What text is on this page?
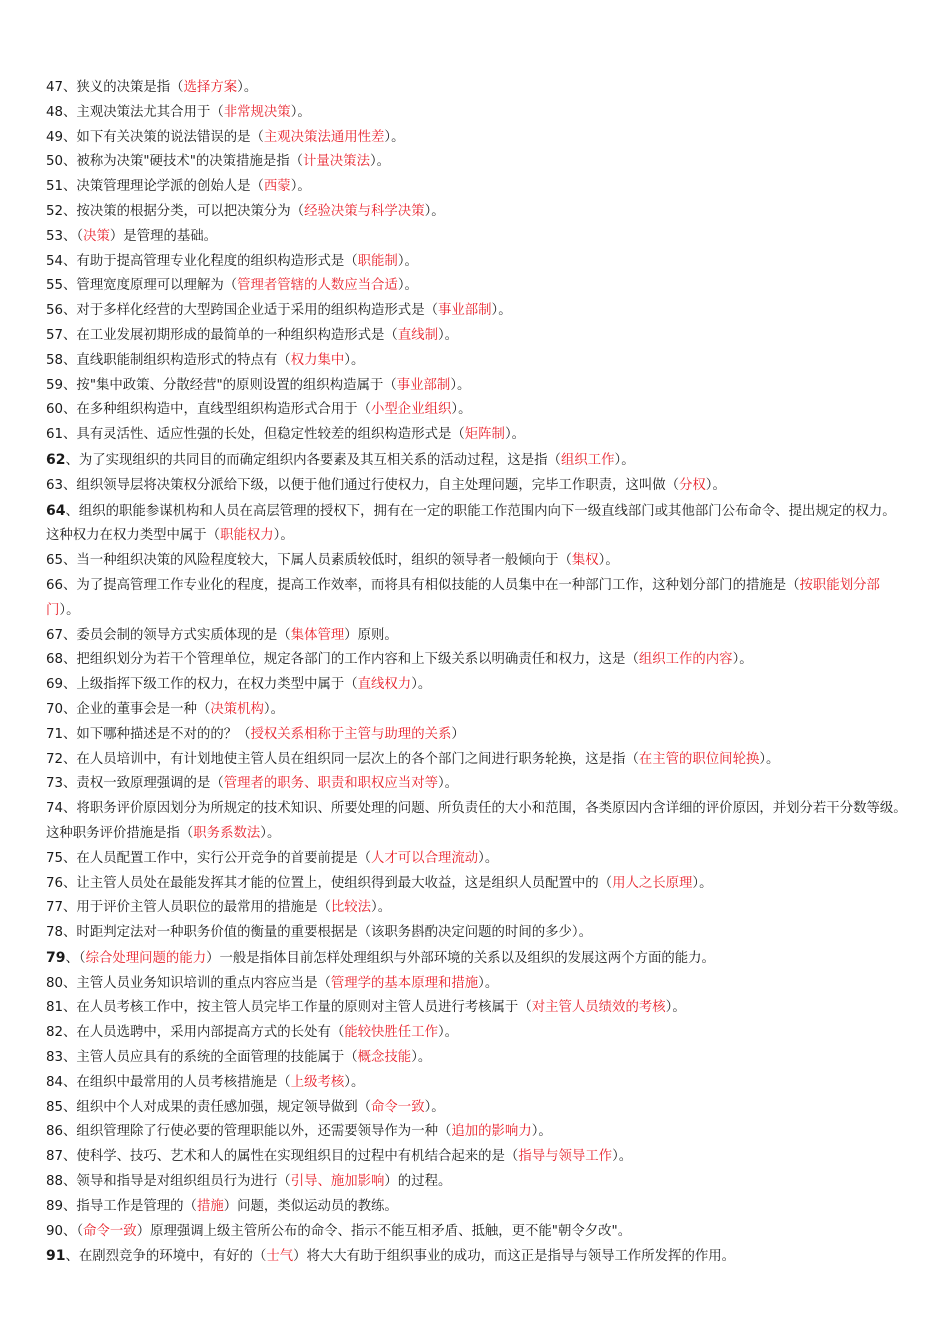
47、狭义的决策是指（选择方案）。

48、主观决策法尤其合用于（非常规决策）。

49、如下有关决策的说法错误的是（主观决策法通用性差）。

50、被称为决策"硬技术"的决策措施是指（计量决策法）。

51、决策管理理论学派的创始人是（西蒙）。

52、按决策的根据分类，可以把决策分为（经验决策与科学决策）。

53、（决策）是管理的基础。

54、有助于提高管理专业化程度的组织构造形式是（职能制）。

55、管理宽度原理可以理解为（管理者管辖的人数应当合适）。

56、对于多样化经营的大型跨国企业适于采用的组织构造形式是（事业部制）。

57、在工业发展初期形成的最简单的一种组织构造形式是（直线制）。

58、直线职能制组织构造形式的特点有（权力集中）。

59、按"集中政策、分散经营"的原则设置的组织构造属于（事业部制）。

60、在多种组织构造中，直线型组织构造形式合用于（小型企业组织）。

61、具有灵活性、适应性强的长处，但稳定性较差的组织构造形式是（矩阵制）。

62、为了实现组织的共同目的而确定组织内各要素及其互相关系的活动过程，这是指（组织工作）。

63、组织领导层将决策权分派给下级，以便于他们通过行使权力，自主处理问题，完毕工作职责，这叫做（分权）。

64、组织的职能参谋机构和人员在高层管理的授权下，拥有在一定的职能工作范围内向下一级直线部门或其他部门公布命令、提出规定的权力。这种权力在权力类型中属于（职能权力）。

65、当一种组织决策的风险程度较大，下属人员素质较低时，组织的领导者一般倾向于（集权）。

66、为了提高管理工作专业化的程度，提高工作效率，而将具有相似技能的人员集中在一种部门工作，这种划分部门的措施是（按职能划分部门）。

67、委员会制的领导方式实质体现的是（集体管理）原则。

68、把组织划分为若干个管理单位，规定各部门的工作内容和上下级关系以明确责任和权力，这是（组织工作的内容）。

69、上级指挥下级工作的权力，在权力类型中属于（直线权力）。

70、企业的董事会是一种（决策机构）。

71、如下哪种描述是不对的的？（授权关系相称于主管与助理的关系）

72、在人员培训中，有计划地使主管人员在组织同一层次上的各个部门之间进行职务轮换，这是指（在主管的职位间轮换）。

73、责权一致原理强调的是（管理者的职务、职责和职权应当对等）。

74、将职务评价原因划分为所规定的技术知识、所要处理的问题、所负责任的大小和范围，各类原因内含详细的评价原因，并划分若干分数等级。这种职务评价措施是指（职务系数法）。

75、在人员配置工作中，实行公开竞争的首要前提是（人才可以合理流动）。

76、让主管人员处在最能发挥其才能的位置上，使组织得到最大收益，这是组织人员配置中的（用人之长原理）。

77、用于评价主管人员职位的最常用的措施是（比较法）。

78、时距判定法对一种职务价值的衡量的重要根据是（该职务斟酌决定问题的时间的多少）。

79、（综合处理问题的能力）一般是指体目前怎样处理组织与外部环境的关系以及组织的发展这两个方面的能力。

80、主管人员业务知识培训的重点内容应当是（管理学的基本原理和措施）。

81、在人员考核工作中，按主管人员完毕工作量的原则对主管人员进行考核属于（对主管人员绩效的考核）。

82、在人员选聘中，采用内部提高方式的长处有（能较快胜任工作）。

83、主管人员应具有的系统的全面管理的技能属于（概念技能）。

84、在组织中最常用的人员考核措施是（上级考核）。

85、组织中个人对成果的责任感加强，规定领导做到（命令一致）。

86、组织管理除了行使必要的管理职能以外，还需要领导作为一种（追加的影响力）。

87、使科学、技巧、艺术和人的属性在实现组织目的过程中有机结合起来的是（指导与领导工作）。

88、领导和指导是对组织组员行为进行（引导、施加影响）的过程。

89、指导工作是管理的（措施）问题，类似运动员的教练。

90、（命令一致）原理强调上级主管所公布的命令、指示不能互相矛盾、抵触，更不能"朝令夕改"。

91、在剧烈竞争的环境中，有好的（士气）将大大有助于组织事业的成功，而这正是指导与领导工作所发挥的作用。
